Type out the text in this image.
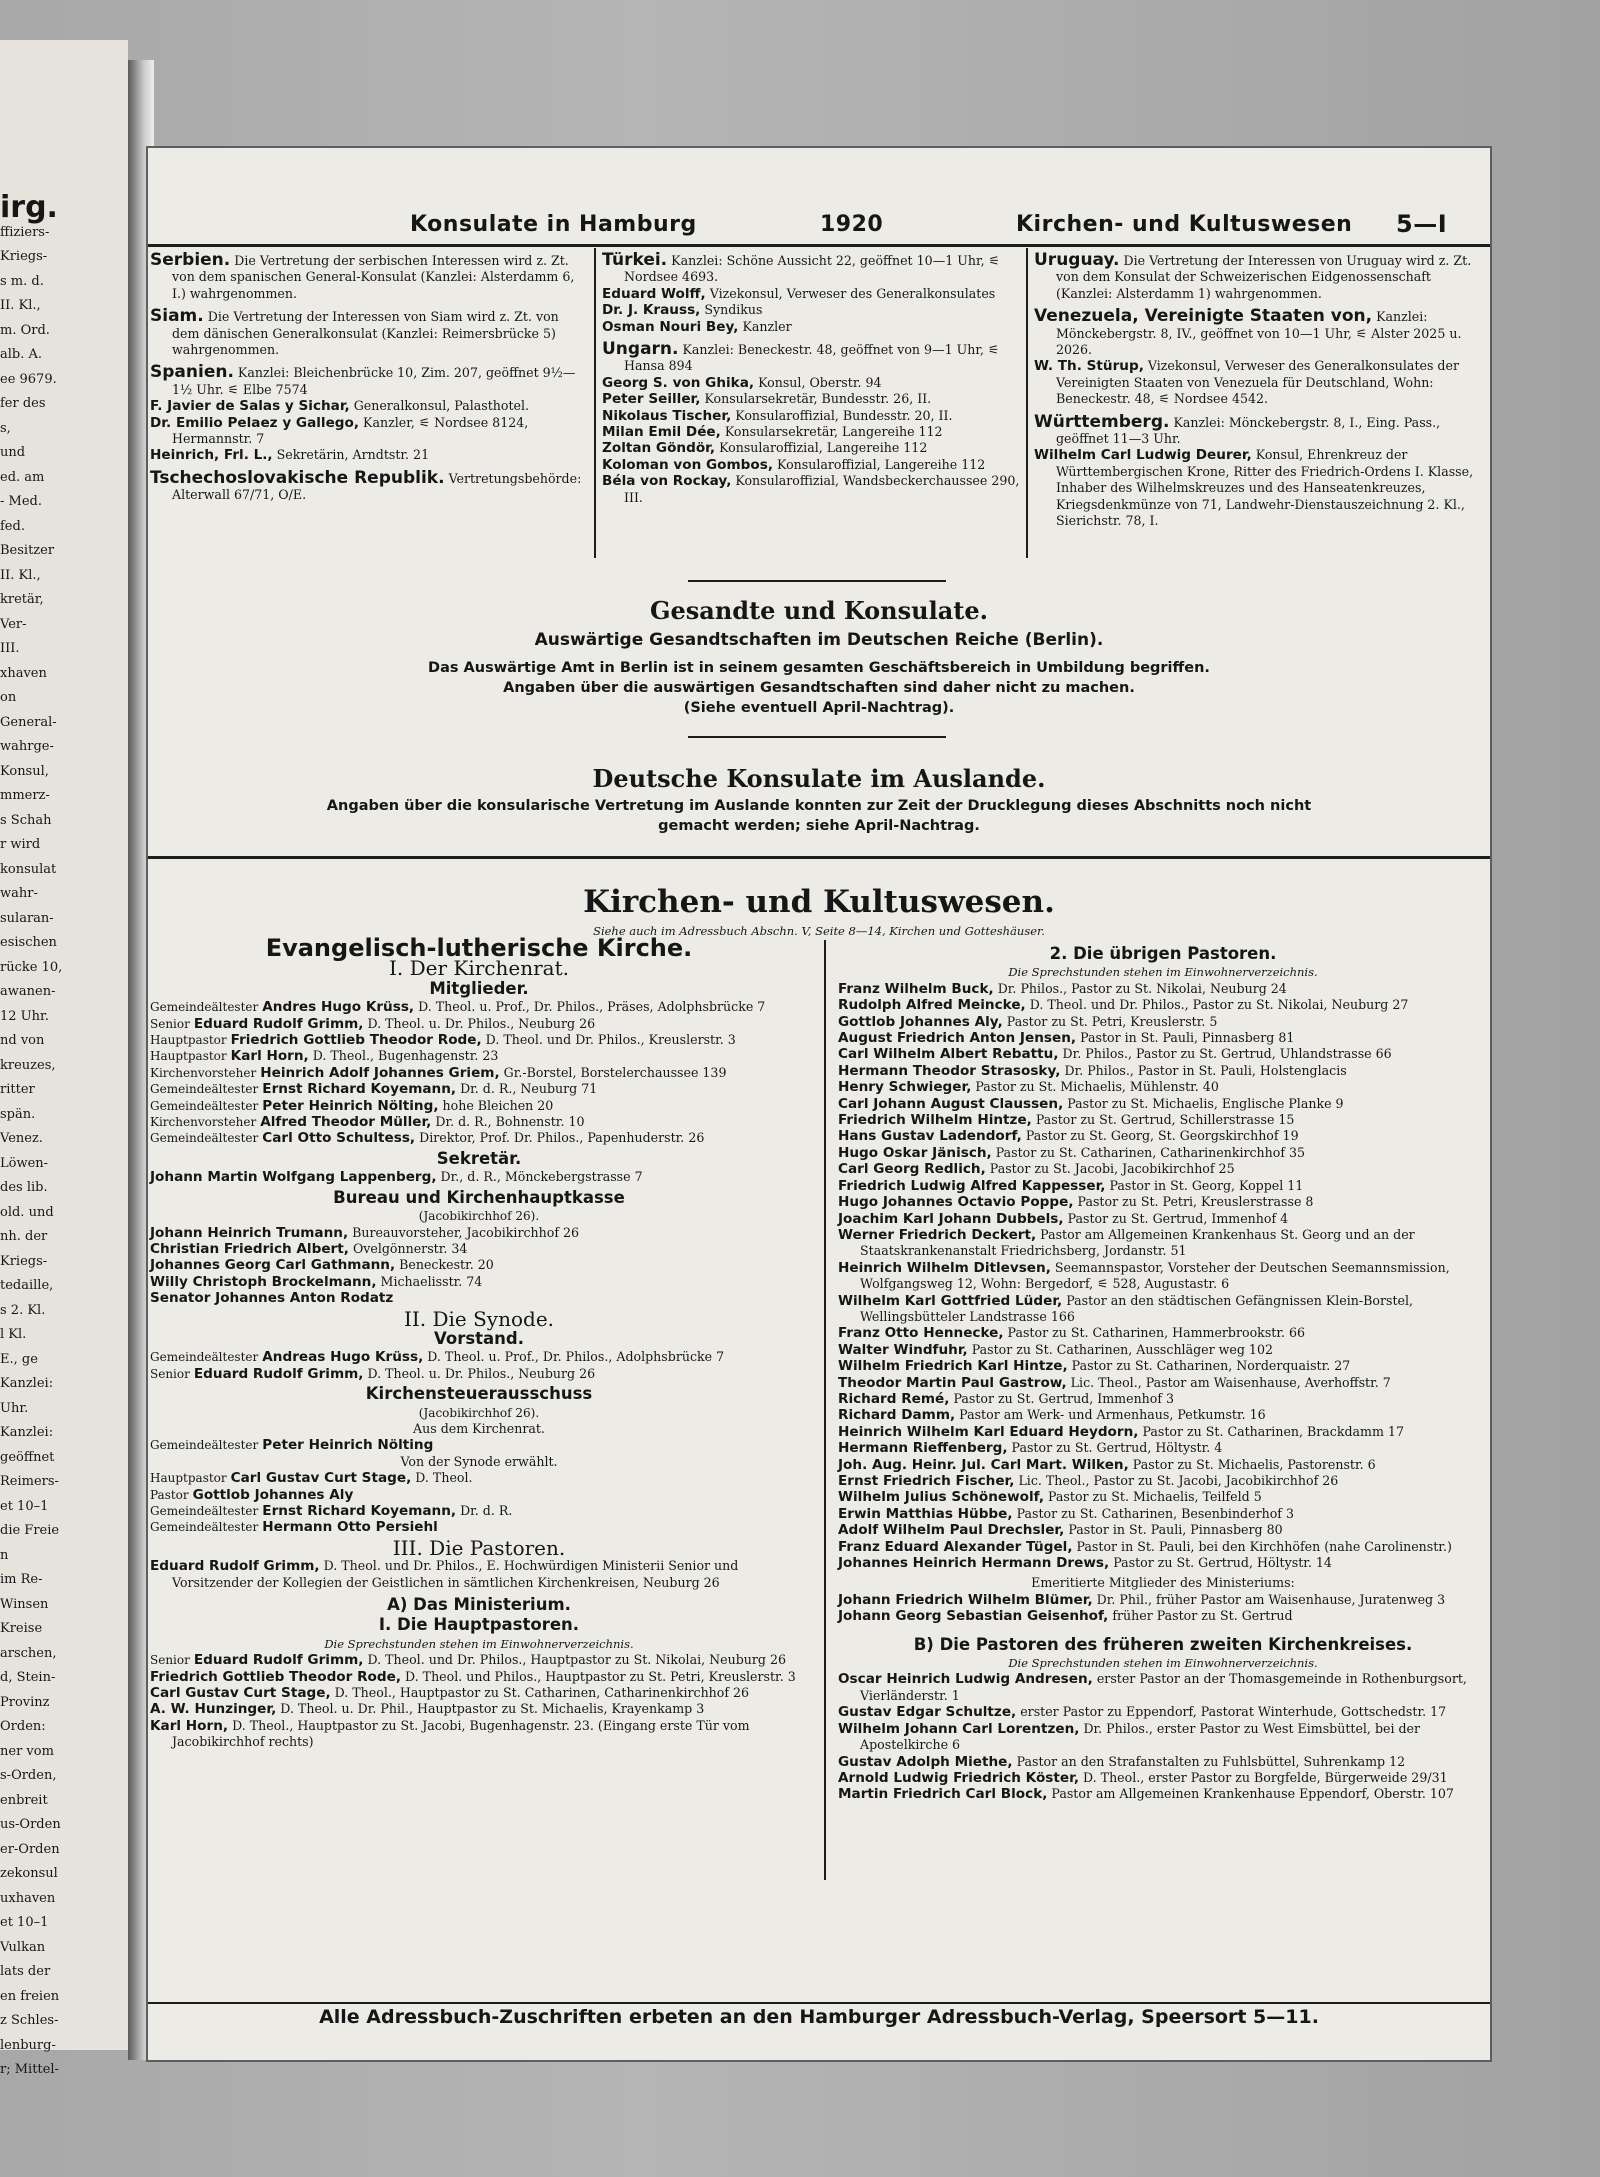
irg.
ffiziers-
Kriegs-
s m. d.
II. Kl.,
m. Ord.
alb. A.
ee 9679.
fer des
s,
und
ed. am
- Med.
fed.
Besitzer
II. Kl.,
kretär,
Ver-
III.
xhaven
on
General-
wahrge-
Konsul,
mmerz-
s Schah
r wird
konsulat
wahr-
sularan-
esischen
rücke 10,
awanen-
12 Uhr.
nd von
kreuzes,
ritter
spän.
Venez.
Löwen-
des lib.
old. und
nh. der
Kriegs-
tedaille,
s 2. Kl.
l Kl.
E., ge
Kanzlei:
Uhr.
Kanzlei:
geöffnet
Reimers-
et 10–1
die Freie
n
im Re-
Winsen
Kreise
arschen,
d, Stein-
Provinz
Orden:
ner vom
s-Orden,
enbreit
us-Orden
er-Orden
zekonsul
uxhaven
et 10–1
Vulkan
lats der
en freien
z Schles-
lenburg-
r; Mittel-
Konsulate in Hamburg	1920	Kirchen- und Kultuswesen 5—I

Serbien. Die Vertretung der serbischen Interessen wird z. Zt. von dem spanischen General-Konsulat (Kanzlei: Alsterdamm 6, I.) wahrgenommen.

Siam. Die Vertretung der Interessen von Siam wird z. Zt. von dem dänischen Generalkonsulat (Kanzlei: Reimersbrücke 5) wahrgenommen.

Spanien. Kanzlei: Bleichenbrücke 10, Zim. 207, geöffnet 9½—1½ Uhr. ⚟ Elbe 7574

F. Javier de Salas y Sichar, Generalkonsul, Palasthotel.

Dr. Emilio Pelaez y Gallego, Kanzler, ⚟ Nordsee 8124, Hermannstr. 7

Heinrich, Frl. L., Sekretärin, Arndtstr. 21

Tschechoslovakische Republik. Vertretungsbehörde: Alterwall 67/71, O/E.

Türkei. Kanzlei: Schöne Aussicht 22, geöffnet 10—1 Uhr, ⚟ Nordsee 4693.

Eduard Wolff, Vizekonsul, Verweser des Generalkonsulates

Dr. J. Krauss, Syndikus

Osman Nouri Bey, Kanzler

Ungarn. Kanzlei: Beneckestr. 48, geöffnet von 9—1 Uhr, ⚟ Hansa 894

Georg S. von Ghika, Konsul, Oberstr. 94

Peter Seiller, Konsularsekretär, Bundesstr. 26, II.

Nikolaus Tischer, Konsularoffizial, Bundesstr. 20, II.

Milan Emil Dée, Konsularsekretär, Langereihe 112

Zoltan Göndör, Konsularoffizial, Langereihe 112

Koloman von Gombos, Konsularoffizial, Langereihe 112

Béla von Rockay, Konsularoffizial, Wandsbeckerchaussee 290, III.

Uruguay. Die Vertretung der Interessen von Uruguay wird z. Zt. von dem Konsulat der Schweizerischen Eidgenossenschaft (Kanzlei: Alsterdamm 1) wahrgenommen.

Venezuela, Vereinigte Staaten von, Kanzlei: Mönckebergstr. 8, IV., geöffnet von 10—1 Uhr, ⚟ Alster 2025 u. 2026.

W. Th. Stürup, Vizekonsul, Verweser des Generalkonsulates der Vereinigten Staaten von Venezuela für Deutschland, Wohn: Beneckestr. 48, ⚟ Nordsee 4542.

Württemberg. Kanzlei: Mönckebergstr. 8, I., Eing. Pass., geöffnet 11—3 Uhr.

Wilhelm Carl Ludwig Deurer, Konsul, Ehrenkreuz der Württembergischen Krone, Ritter des Friedrich-Ordens I. Klasse, Inhaber des Wilhelmskreuzes und des Hanseatenkreuzes, Kriegsdenkmünze von 71, Landwehr-Dienstauszeichnung 2. Kl., Sierichstr. 78, I.

Gesandte und Konsulate.
Auswärtige Gesandtschaften im Deutschen Reiche (Berlin).
Das Auswärtige Amt in Berlin ist in seinem gesamten Geschäftsbereich in Umbildung begriffen.
Angaben über die auswärtigen Gesandtschaften sind daher nicht zu machen.
(Siehe eventuell April-Nachtrag).
Deutsche Konsulate im Auslande.
Angaben über die konsularische Vertretung im Auslande konnten zur Zeit der Drucklegung dieses Abschnitts noch nicht
gemacht werden; siehe April-Nachtrag.
Kirchen- und Kultuswesen.
Siehe auch im Adressbuch Abschn. V, Seite 8—14, Kirchen und Gotteshäuser.
Evangelisch-lutherische Kirche.
I. Der Kirchenrat.
Mitglieder.

Gemeindeältester Andres Hugo Krüss, D. Theol. u. Prof., Dr. Philos., Präses, Adolphsbrücke 7

Senior Eduard Rudolf Grimm, D. Theol. u. Dr. Philos., Neuburg 26

Hauptpastor Friedrich Gottlieb Theodor Rode, D. Theol. und Dr. Philos., Kreuslerstr. 3

Hauptpastor Karl Horn, D. Theol., Bugenhagenstr. 23

Kirchenvorsteher Heinrich Adolf Johannes Griem, Gr.-Borstel, Borstelerchaussee 139

Gemeindeältester Ernst Richard Koyemann, Dr. d. R., Neuburg 71

Gemeindeältester Peter Heinrich Nölting, hohe Bleichen 20

Kirchenvorsteher Alfred Theodor Müller, Dr. d. R., Bohnenstr. 10

Gemeindeältester Carl Otto Schultess, Direktor, Prof. Dr. Philos., Papenhuderstr. 26

Sekretär.

Johann Martin Wolfgang Lappenberg, Dr., d. R., Mönckebergstrasse 7

Bureau und Kirchenhauptkasse
(Jacobikirchhof 26).

Johann Heinrich Trumann, Bureauvorsteher, Jacobikirchhof 26

Christian Friedrich Albert, Ovelgönnerstr. 34

Johannes Georg Carl Gathmann, Beneckestr. 20

Willy Christoph Brockelmann, Michaelisstr. 74

Senator Johannes Anton Rodatz

II. Die Synode.
Vorstand.

Gemeindeältester Andreas Hugo Krüss, D. Theol. u. Prof., Dr. Philos., Adolphsbrücke 7

Senior Eduard Rudolf Grimm, D. Theol. u. Dr. Philos., Neuburg 26

Kirchensteuerausschuss
(Jacobikirchhof 26).
Aus dem Kirchenrat.

Gemeindeältester Peter Heinrich Nölting

Von der Synode erwählt.

Hauptpastor Carl Gustav Curt Stage, D. Theol.

Pastor Gottlob Johannes Aly

Gemeindeältester Ernst Richard Koyemann, Dr. d. R.

Gemeindeältester Hermann Otto Persiehl

III. Die Pastoren.

Eduard Rudolf Grimm, D. Theol. und Dr. Philos., E. Hochwürdigen Ministerii Senior und Vorsitzender der Kollegien der Geistlichen in sämtlichen Kirchenkreisen, Neuburg 26

A) Das Ministerium.
I. Die Hauptpastoren.
Die Sprechstunden stehen im Einwohnerverzeichnis.

Senior Eduard Rudolf Grimm, D. Theol. und Dr. Philos., Hauptpastor zu St. Nikolai, Neuburg 26

Friedrich Gottlieb Theodor Rode, D. Theol. und Philos., Hauptpastor zu St. Petri, Kreuslerstr. 3

Carl Gustav Curt Stage, D. Theol., Hauptpastor zu St. Catharinen, Catharinenkirchhof 26

A. W. Hunzinger, D. Theol. u. Dr. Phil., Hauptpastor zu St. Michaelis, Krayenkamp 3

Karl Horn, D. Theol., Hauptpastor zu St. Jacobi, Bugenhagenstr. 23. (Eingang erste Tür vom Jacobikirchhof rechts)

2. Die übrigen Pastoren.
Die Sprechstunden stehen im Einwohnerverzeichnis.

Franz Wilhelm Buck, Dr. Philos., Pastor zu St. Nikolai, Neuburg 24

Rudolph Alfred Meincke, D. Theol. und Dr. Philos., Pastor zu St. Nikolai, Neuburg 27

Gottlob Johannes Aly, Pastor zu St. Petri, Kreuslerstr. 5

August Friedrich Anton Jensen, Pastor in St. Pauli, Pinnasberg 81

Carl Wilhelm Albert Rebattu, Dr. Philos., Pastor zu St. Gertrud, Uhlandstrasse 66

Hermann Theodor Strasosky, Dr. Philos., Pastor in St. Pauli, Holstenglacis

Henry Schwieger, Pastor zu St. Michaelis, Mühlenstr. 40

Carl Johann August Claussen, Pastor zu St. Michaelis, Englische Planke 9

Friedrich Wilhelm Hintze, Pastor zu St. Gertrud, Schillerstrasse 15

Hans Gustav Ladendorf, Pastor zu St. Georg, St. Georgskirchhof 19

Hugo Oskar Jänisch, Pastor zu St. Catharinen, Catharinenkirchhof 35

Carl Georg Redlich, Pastor zu St. Jacobi, Jacobikirchhof 25

Friedrich Ludwig Alfred Kappesser, Pastor in St. Georg, Koppel 11

Hugo Johannes Octavio Poppe, Pastor zu St. Petri, Kreuslerstrasse 8

Joachim Karl Johann Dubbels, Pastor zu St. Gertrud, Immenhof 4

Werner Friedrich Deckert, Pastor am Allgemeinen Krankenhaus St. Georg und an der Staatskrankenanstalt Friedrichsberg, Jordanstr. 51

Heinrich Wilhelm Ditlevsen, Seemannspastor, Vorsteher der Deutschen Seemannsmission, Wolfgangsweg 12, Wohn: Bergedorf, ⚟ 528, Augustastr. 6

Wilhelm Karl Gottfried Lüder, Pastor an den städtischen Gefängnissen Klein-Borstel, Wellingsbütteler Landstrasse 166

Franz Otto Hennecke, Pastor zu St. Catharinen, Hammerbrookstr. 66

Walter Windfuhr, Pastor zu St. Catharinen, Ausschläger weg 102

Wilhelm Friedrich Karl Hintze, Pastor zu St. Catharinen, Norderquaistr. 27

Theodor Martin Paul Gastrow, Lic. Theol., Pastor am Waisenhause, Averhoffstr. 7

Richard Remé, Pastor zu St. Gertrud, Immenhof 3

Richard Damm, Pastor am Werk- und Armenhaus, Petkumstr. 16

Heinrich Wilhelm Karl Eduard Heydorn, Pastor zu St. Catharinen, Brackdamm 17

Hermann Rieffenberg, Pastor zu St. Gertrud, Höltystr. 4

Joh. Aug. Heinr. Jul. Carl Mart. Wilken, Pastor zu St. Michaelis, Pastorenstr. 6

Ernst Friedrich Fischer, Lic. Theol., Pastor zu St. Jacobi, Jacobikirchhof 26

Wilhelm Julius Schönewolf, Pastor zu St. Michaelis, Teilfeld 5

Erwin Matthias Hübbe, Pastor zu St. Catharinen, Besenbinderhof 3

Adolf Wilhelm Paul Drechsler, Pastor in St. Pauli, Pinnasberg 80

Franz Eduard Alexander Tügel, Pastor in St. Pauli, bei den Kirchhöfen (nahe Carolinenstr.)

Johannes Heinrich Hermann Drews, Pastor zu St. Gertrud, Höltystr. 14

Emeritierte Mitglieder des Ministeriums:

Johann Friedrich Wilhelm Blümer, Dr. Phil., früher Pastor am Waisenhause, Juratenweg 3

Johann Georg Sebastian Geisenhof, früher Pastor zu St. Gertrud

B) Die Pastoren des früheren zweiten Kirchenkreises.
Die Sprechstunden stehen im Einwohnerverzeichnis.

Oscar Heinrich Ludwig Andresen, erster Pastor an der Thomasgemeinde in Rothenburgsort, Vierländerstr. 1

Gustav Edgar Schultze, erster Pastor zu Eppendorf, Pastorat Winterhude, Gottschedstr. 17

Wilhelm Johann Carl Lorentzen, Dr. Philos., erster Pastor zu West Eimsbüttel, bei der Apostelkirche 6

Gustav Adolph Miethe, Pastor an den Strafanstalten zu Fuhlsbüttel, Suhrenkamp 12

Arnold Ludwig Friedrich Köster, D. Theol., erster Pastor zu Borgfelde, Bürgerweide 29/31

Martin Friedrich Carl Block, Pastor am Allgemeinen Krankenhause Eppendorf, Oberstr. 107

Alle Adressbuch-Zuschriften erbeten an den Hamburger Adressbuch-Verlag, Speersort 5—11.
